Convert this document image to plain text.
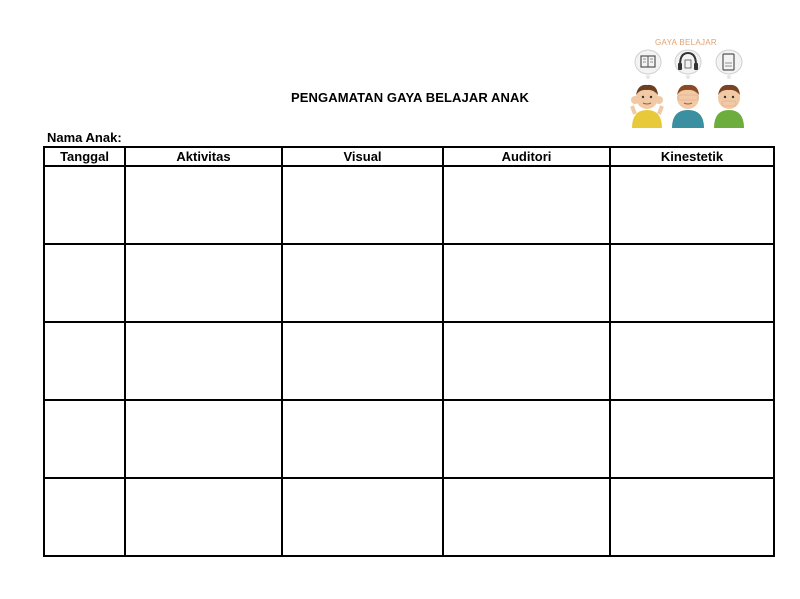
PENGAMATAN GAYA BELAJAR ANAK
GAYA BELAJAR
Nama Anak:
Tanggal	Aktivitas	Visual	Auditori	Kinestetik
